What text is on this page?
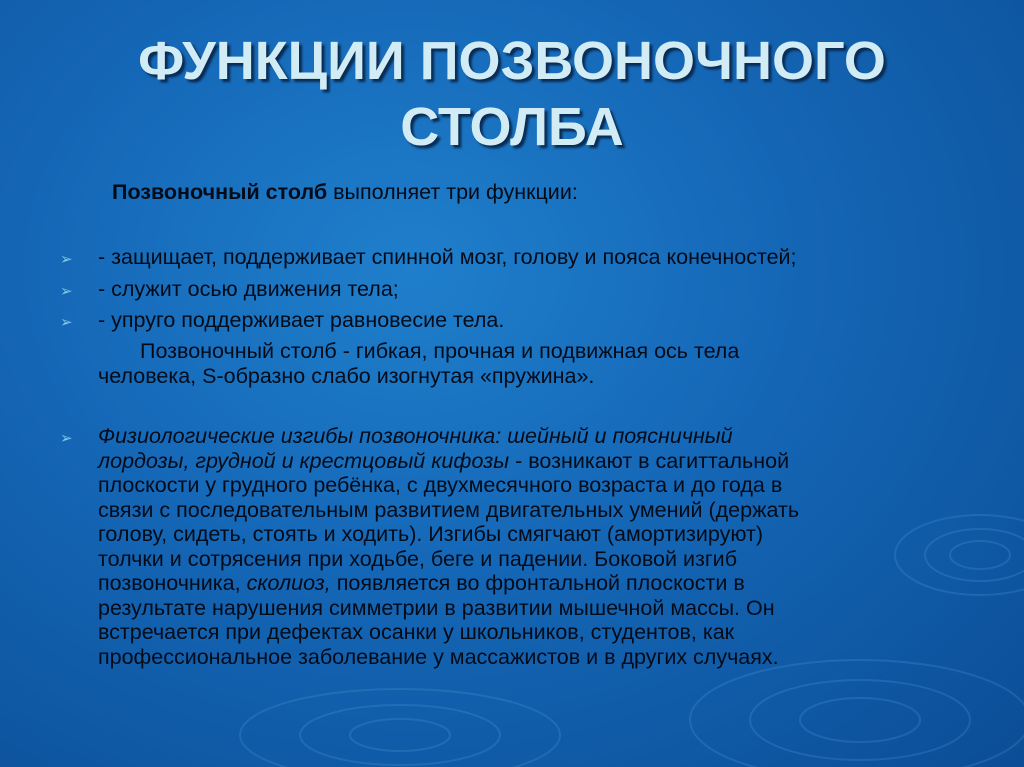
ФУНКЦИИ ПОЗВОНОЧНОГО
СТОЛБА
Позвоночный столб выполняет три функции:
➢ - защищает, поддерживает спинной мозг, голову и пояса конечностей;
➢ - служит осью движения тела;
➢ - упруго поддерживает равновесие тела.
Позвоночный столб - гибкая, прочная и подвижная ось тела
человека, S-образно слабо изогнутая «пружина».
➢ Физиологические изгибы позвоночника: шейный и поясничный
лордозы, грудной и крестцовый кифозы - возникают в сагиттальной
плоскости у грудного ребёнка, с двухмесячного возраста и до года в
связи с последовательным развитием двигательных умений (держать
голову, сидеть, стоять и ходить). Изгибы смягчают (амортизируют)
толчки и сотрясения при ходьбе, беге и падении. Боковой изгиб
позвоночника, сколиоз, появляется во фронтальной плоскости в
результате нарушения симметрии в развитии мышечной массы. Он
встречается при дефектах осанки у школьников, студентов, как
профессиональное заболевание у массажистов и в других случаях.
